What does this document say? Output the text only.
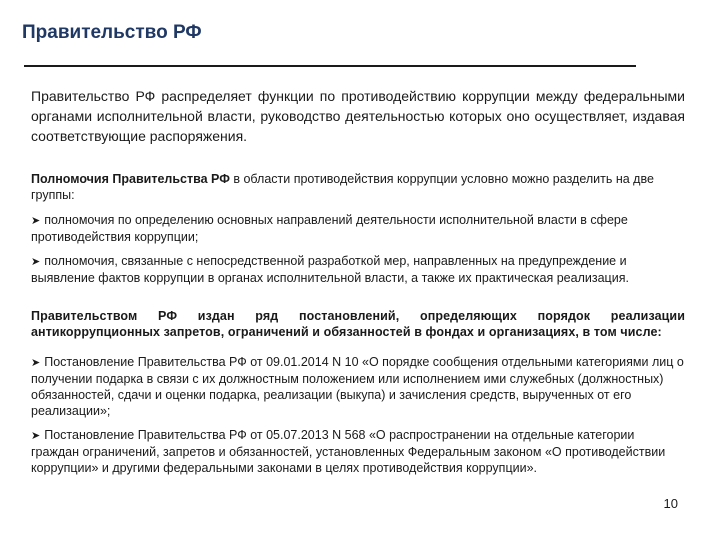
Правительство РФ

Правительство РФ распределяет функции по противодействию коррупции между федеральными органами исполнительной власти, руководство деятельностью которых оно осуществляет, издавая соответствующие распоряжения.

Полномочия Правительства РФ в области противодействия коррупции условно можно разделить на две группы:

➤ полномочия по определению основных направлений деятельности исполнительной власти в сфере противодействия коррупции;

➤ полномочия, связанные с непосредственной разработкой мер, направленных на предупреждение и выявление фактов коррупции в органах исполнительной власти, а также их практическая реализация.

Правительством РФ издан ряд постановлений, определяющих порядок реализации антикоррупционных запретов, ограничений и обязанностей в фондах и организациях, в том числе:

➤ Постановление Правительства РФ от 09.01.2014 N 10 «О порядке сообщения отдельными категориями лиц о получении подарка в связи с их должностным положением или исполнением ими служебных (должностных) обязанностей, сдачи и оценки подарка, реализации (выкупа) и зачисления средств, вырученных от его реализации»;

➤ Постановление Правительства РФ от 05.07.2013 N 568 «О распространении на отдельные категории граждан ограничений, запретов и обязанностей, установленных Федеральным законом «О противодействии коррупции» и другими федеральными законами в целях противодействия коррупции».

10
